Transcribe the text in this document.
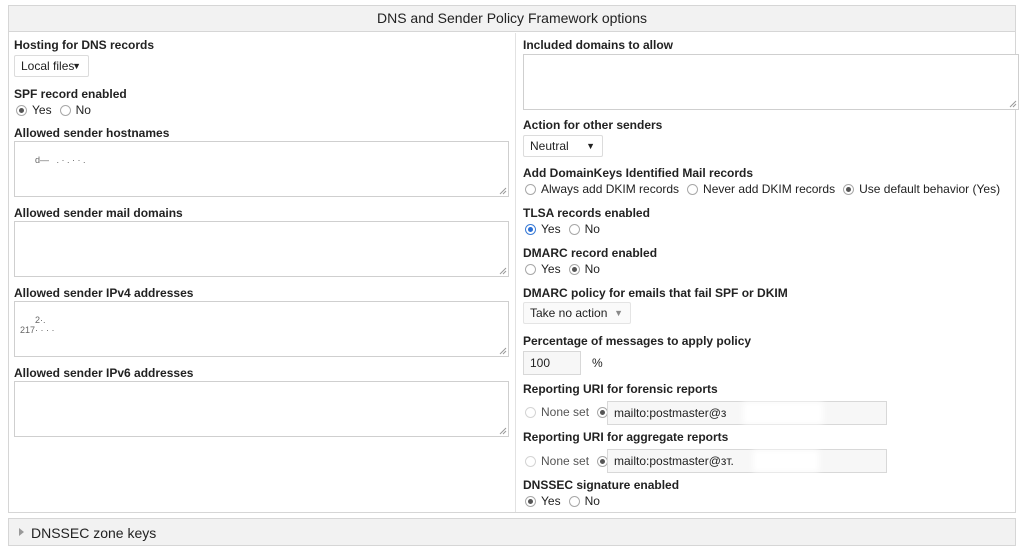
DNS and Sender Policy Framework options
Hosting for DNS records
Local files
▼
SPF record enabled
Yes No
Allowed sender hostnames

d—   . · . · · .

Allowed sender mail domains

Allowed sender IPv4 addresses

2·.
217· · · ·

Allowed sender IPv6 addresses

Included domains to allow

Action for other senders
Neutral ▼
Add DomainKeys Identified Mail records
Always add DKIM records Never add DKIM records Use default behavior (Yes)
TLSA records enabled
Yes No
DMARC record enabled
Yes No
DMARC policy for emails that fail SPF or DKIM
Take no action ▼
Percentage of messages to apply policy
100	%
Reporting URI for forensic reports
None set	mailto:postmaster@з
Reporting URI for aggregate reports
None set	mailto:postmaster@зт.
DNSSEC signature enabled
Yes No
DNSSEC zone keys
